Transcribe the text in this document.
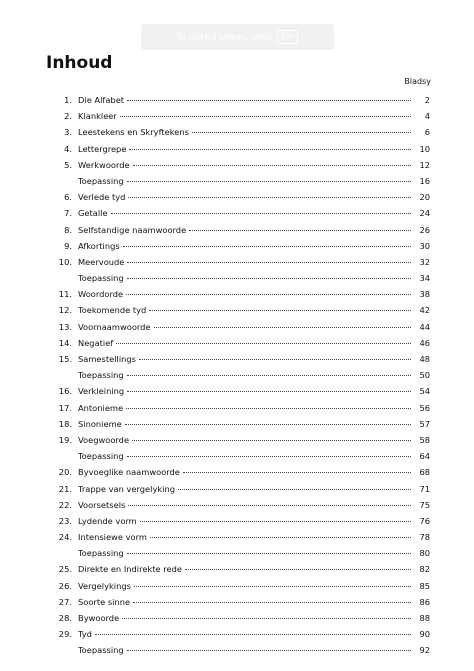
To exit full screen, press	Esc
Inhoud
Bladsy
1. Die Alfabet	2
2. Klankleer	4
3. Leestekens en Skryftekens	6
4. Lettergrepe	10
5. Werkwoorde	12
Toepassing	16
6. Verlede tyd	20
7. Getalle	24
8. Selfstandige naamwoorde	26
9. Afkortings	30
10. Meervoude	32
Toepassing	34
11. Woordorde	38
12. Toekomende tyd	42
13. Voornaamwoorde	44
14. Negatief	46
15. Samestellings	48
Toepassing	50
16. Verkleining	54
17. Antonieme	56
18. Sinonieme	57
19. Voegwoorde	58
Toepassing	64
20. Byvoeglike naamwoorde	68
21. Trappe van vergelyking	71
22. Voorsetsels	75
23. Lydende vorm	76
24. Intensiewe vorm	78
Toepassing	80
25. Direkte en Indirekte rede	82
26. Vergelykings	85
27. Soorte sinne	86
28. Bywoorde	88
29. Tyd	90
Toepassing	92
